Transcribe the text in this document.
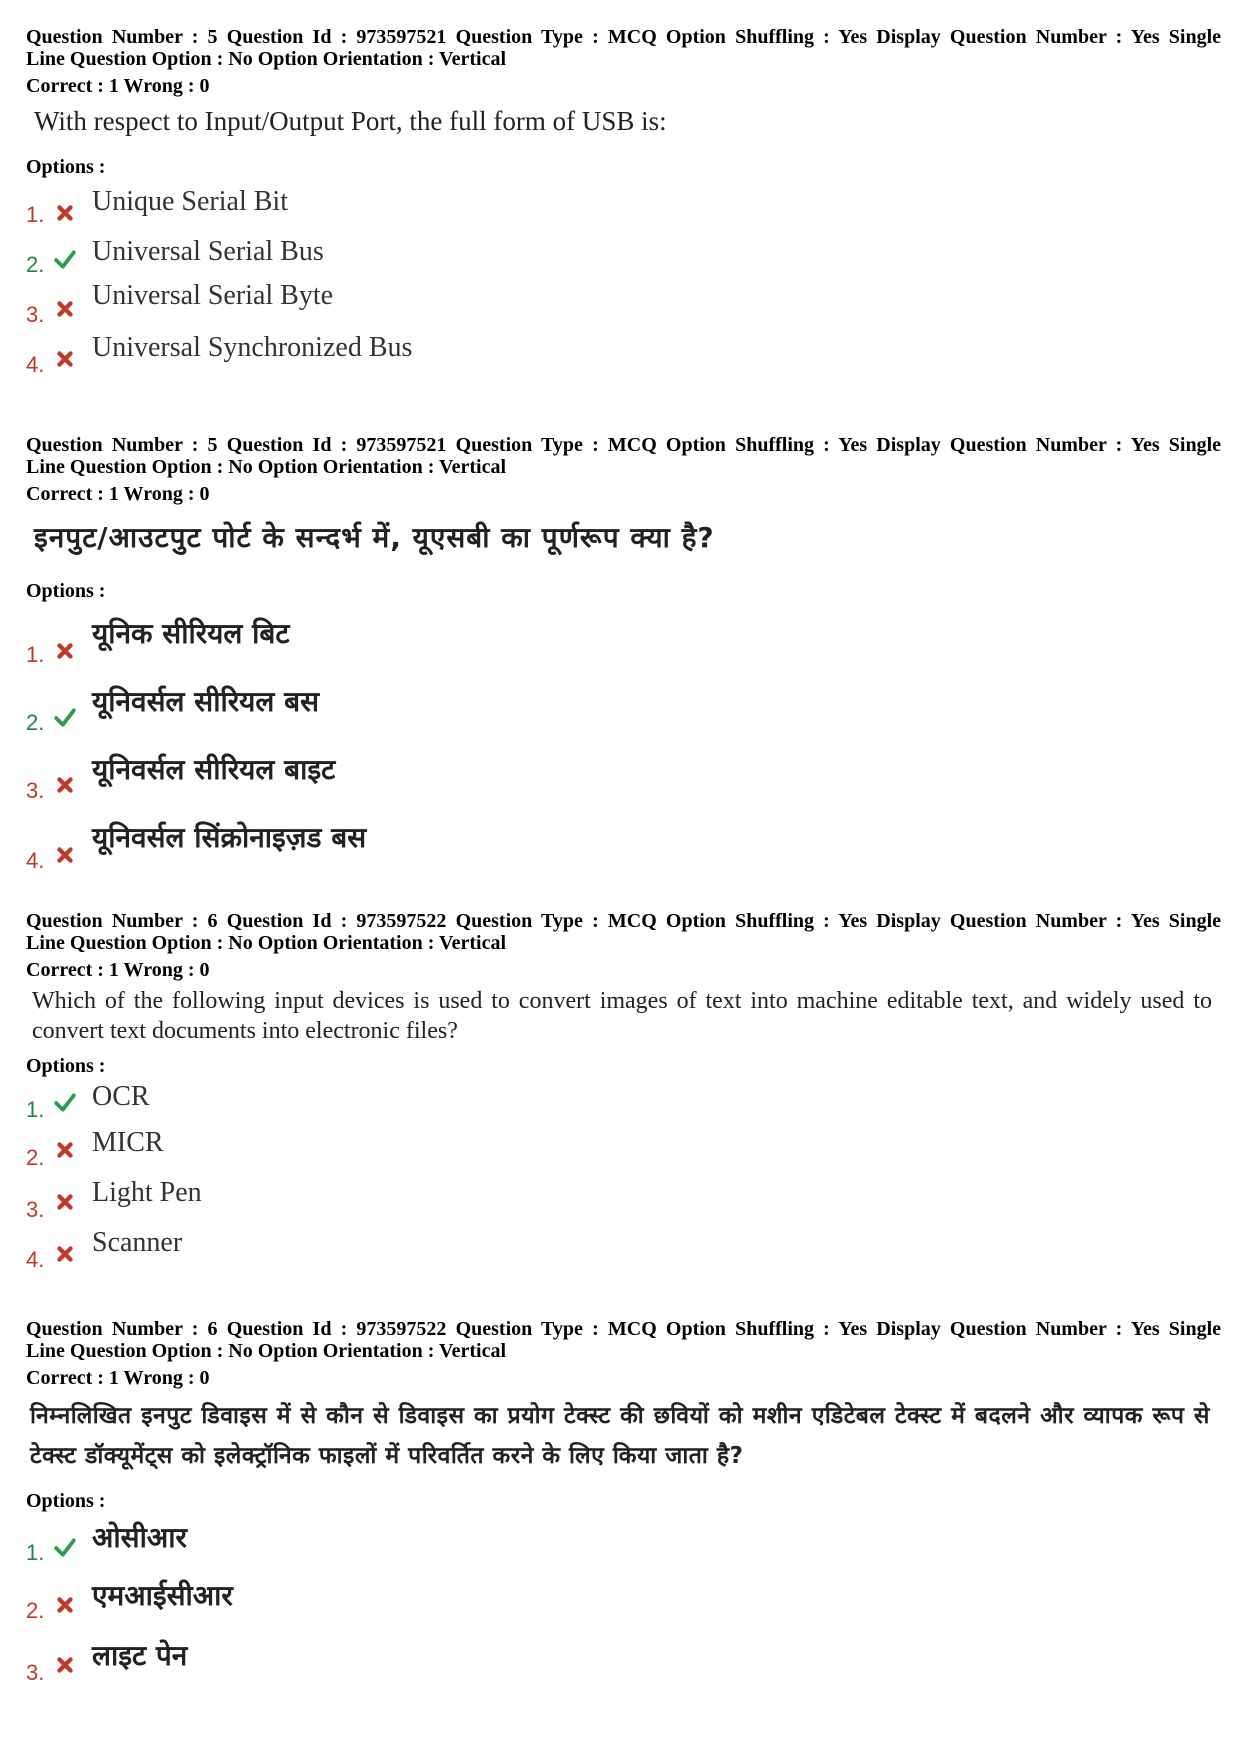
Question Number : 5 Question Id : 973597521 Question Type : MCQ Option Shuffling : Yes Display Question Number : Yes Single
Line Question Option : No Option Orientation : Vertical
Correct : 1 Wrong : 0
With respect to Input/Output Port, the full form of USB is:
Options :
1. Unique Serial Bit
2. Universal Serial Bus
3.
Universal Serial Byte
4.
Universal Synchronized Bus
Question Number : 5 Question Id : 973597521 Question Type : MCQ Option Shuffling : Yes Display Question Number : Yes Single
Line Question Option : No Option Orientation : Vertical
Correct : 1 Wrong : 0
इनपुट/आउटपुट पोर्ट के सन्दर्भ में, यूएसबी का पूर्णरूप क्या है?
Options :
1.
यूनिक सीरियल बिट
2.
यूनिवर्सल सीरियल बस
3.
यूनिवर्सल सीरियल बाइट
4.
यूनिवर्सल सिंक्रोनाइज़ड बस
Question Number : 6 Question Id : 973597522 Question Type : MCQ Option Shuffling : Yes Display Question Number : Yes Single
Line Question Option : No Option Orientation : Vertical
Correct : 1 Wrong : 0
Which of the following input devices is used to convert images of text into machine editable text, and widely used to convert text documents into electronic files?
Options :
1. OCR
2. MICR
3.
Light Pen
4.
Scanner
Question Number : 6 Question Id : 973597522 Question Type : MCQ Option Shuffling : Yes Display Question Number : Yes Single
Line Question Option : No Option Orientation : Vertical
Correct : 1 Wrong : 0
निम्नलिखित इनपुट डिवाइस में से कौन से डिवाइस का प्रयोग टेक्स्ट की छवियों को मशीन एडिटेबल टेक्स्ट में बदलने और व्यापक रूप से टेक्स्ट डॉक्यूमेंट्स को इलेक्ट्रॉनिक फाइलों में परिवर्तित करने के लिए किया जाता है?
Options :
1. ओसीआर
2. एमआईसीआर
3.
लाइट पेन
